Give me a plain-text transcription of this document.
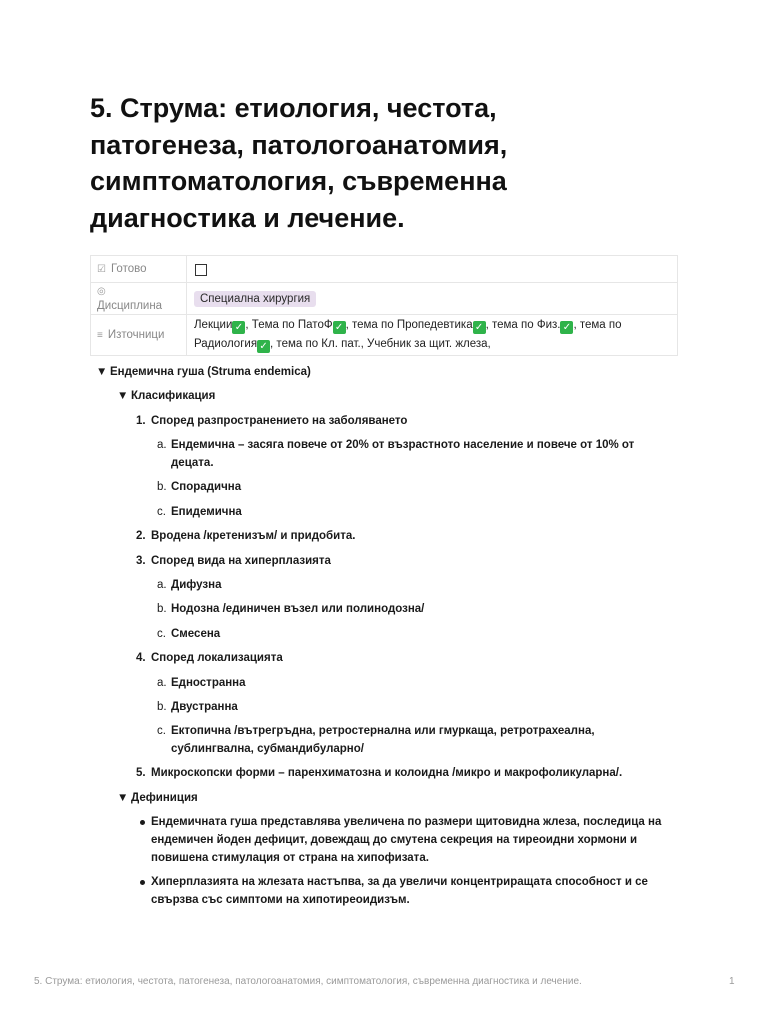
5. Струма: етиология, честота, патогенеза, патологоанатомия, симптоматология, съвременна диагностика и лечение.
☑ Готово	
◎
Дисциплина	Специална хирургия
≡ Източници	Лекции ✓ , Тема по ПатоФ ✓ , тема по Пропедевтика ✓ , тема по Физ. ✓ , тема по Радиология ✓ , тема по Кл. пат., Учебник за щит. жлеза,
▼ Ендемична гуша (Struma endemica)
▼ Класификация
1. Според разпространението на заболяването
a. Ендемична – засяга повече от 20% от възрастното население и повече от 10% от
децата.
b. Спорадична
c. Епидемична
2. Вродена /кретенизъм/ и придобита.
3. Според вида на хиперплазията
a. Дифузна
b. Нодозна /единичен възел или полинодозна/
c. Смесена
4. Според локализацията
a. Едностранна
b. Двустранна
c. Ектопична /вътрегръдна, ретростернална или гмуркаща, ретротрахеална,
сублингвална, субмандибуларно/
5. Микроскопски форми – паренхиматозна и колоидна /микро и макрофоликуларна/.
▼ Дефиниция
Ендемичната гуша представлява увеличена по размери щитовидна жлеза, последица на
ендемичен йоден дефицит, довеждащ до смутена секреция на тиреоидни хормони и
повишена стимулация от страна на хипофизата.
Хиперплазията на жлезата настъпва, за да увеличи концентриращата способност и се
свързва със симптоми на хипотиреоидизъм.
5. Струма: етиология, честота, патогенеза, патологоанатомия, симптоматология, съвременна диагностика и лечение.	1
